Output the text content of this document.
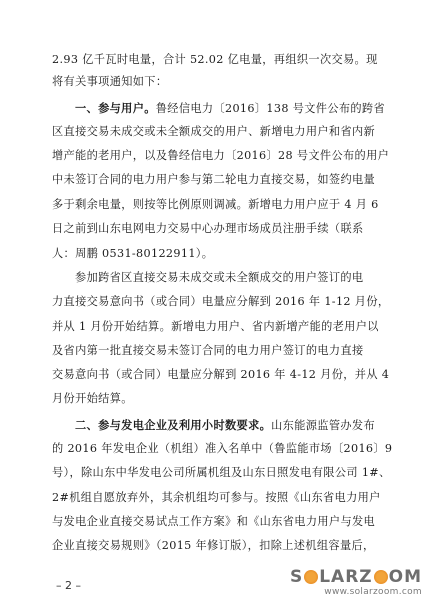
2.93 亿千瓦时电量，合计 52.02 亿电量，再组织一次交易。现
将有关事项通知如下：
一、参与用户。鲁经信电力〔2016〕138 号文件公布的跨省
区直接交易未成交或未全额成交的用户、新增电力用户和省内新
增产能的老用户，以及鲁经信电力〔2016〕28 号文件公布的用户
中未签订合同的电力用户参与第二轮电力直接交易，如签约电量
多于剩余电量，则按等比例原则调减。新增电力用户应于 4 月 6
日之前到山东电网电力交易中心办理市场成员注册手续（联系
人：周鹏 0531-80122911）。
参加跨省区直接交易未成交或未全额成交的用户签订的电
力直接交易意向书（或合同）电量应分解到 2016 年 1-12 月份，
并从 1 月份开始结算。新增电力用户、省内新增产能的老用户以
及省内第一批直接交易未签订合同的电力用户签订的电力直接
交易意向书（或合同）电量应分解到 2016 年 4-12 月份，并从 4
月份开始结算。
二、参与发电企业及利用小时数要求。山东能源监管办发布
的 2016 年发电企业（机组）准入名单中（鲁监能市场〔2016〕9
号），除山东中华发电公司所属机组及山东日照发电有限公司 1#、
2#机组自愿放弃外，其余机组均可参与。按照《山东省电力用户
与发电企业直接交易试点工作方案》和《山东省电力用户与发电
企业直接交易规则》（2015 年修订版），扣除上述机组容量后，
– 2 –	S LARZ OM
www.solarzoom.com
